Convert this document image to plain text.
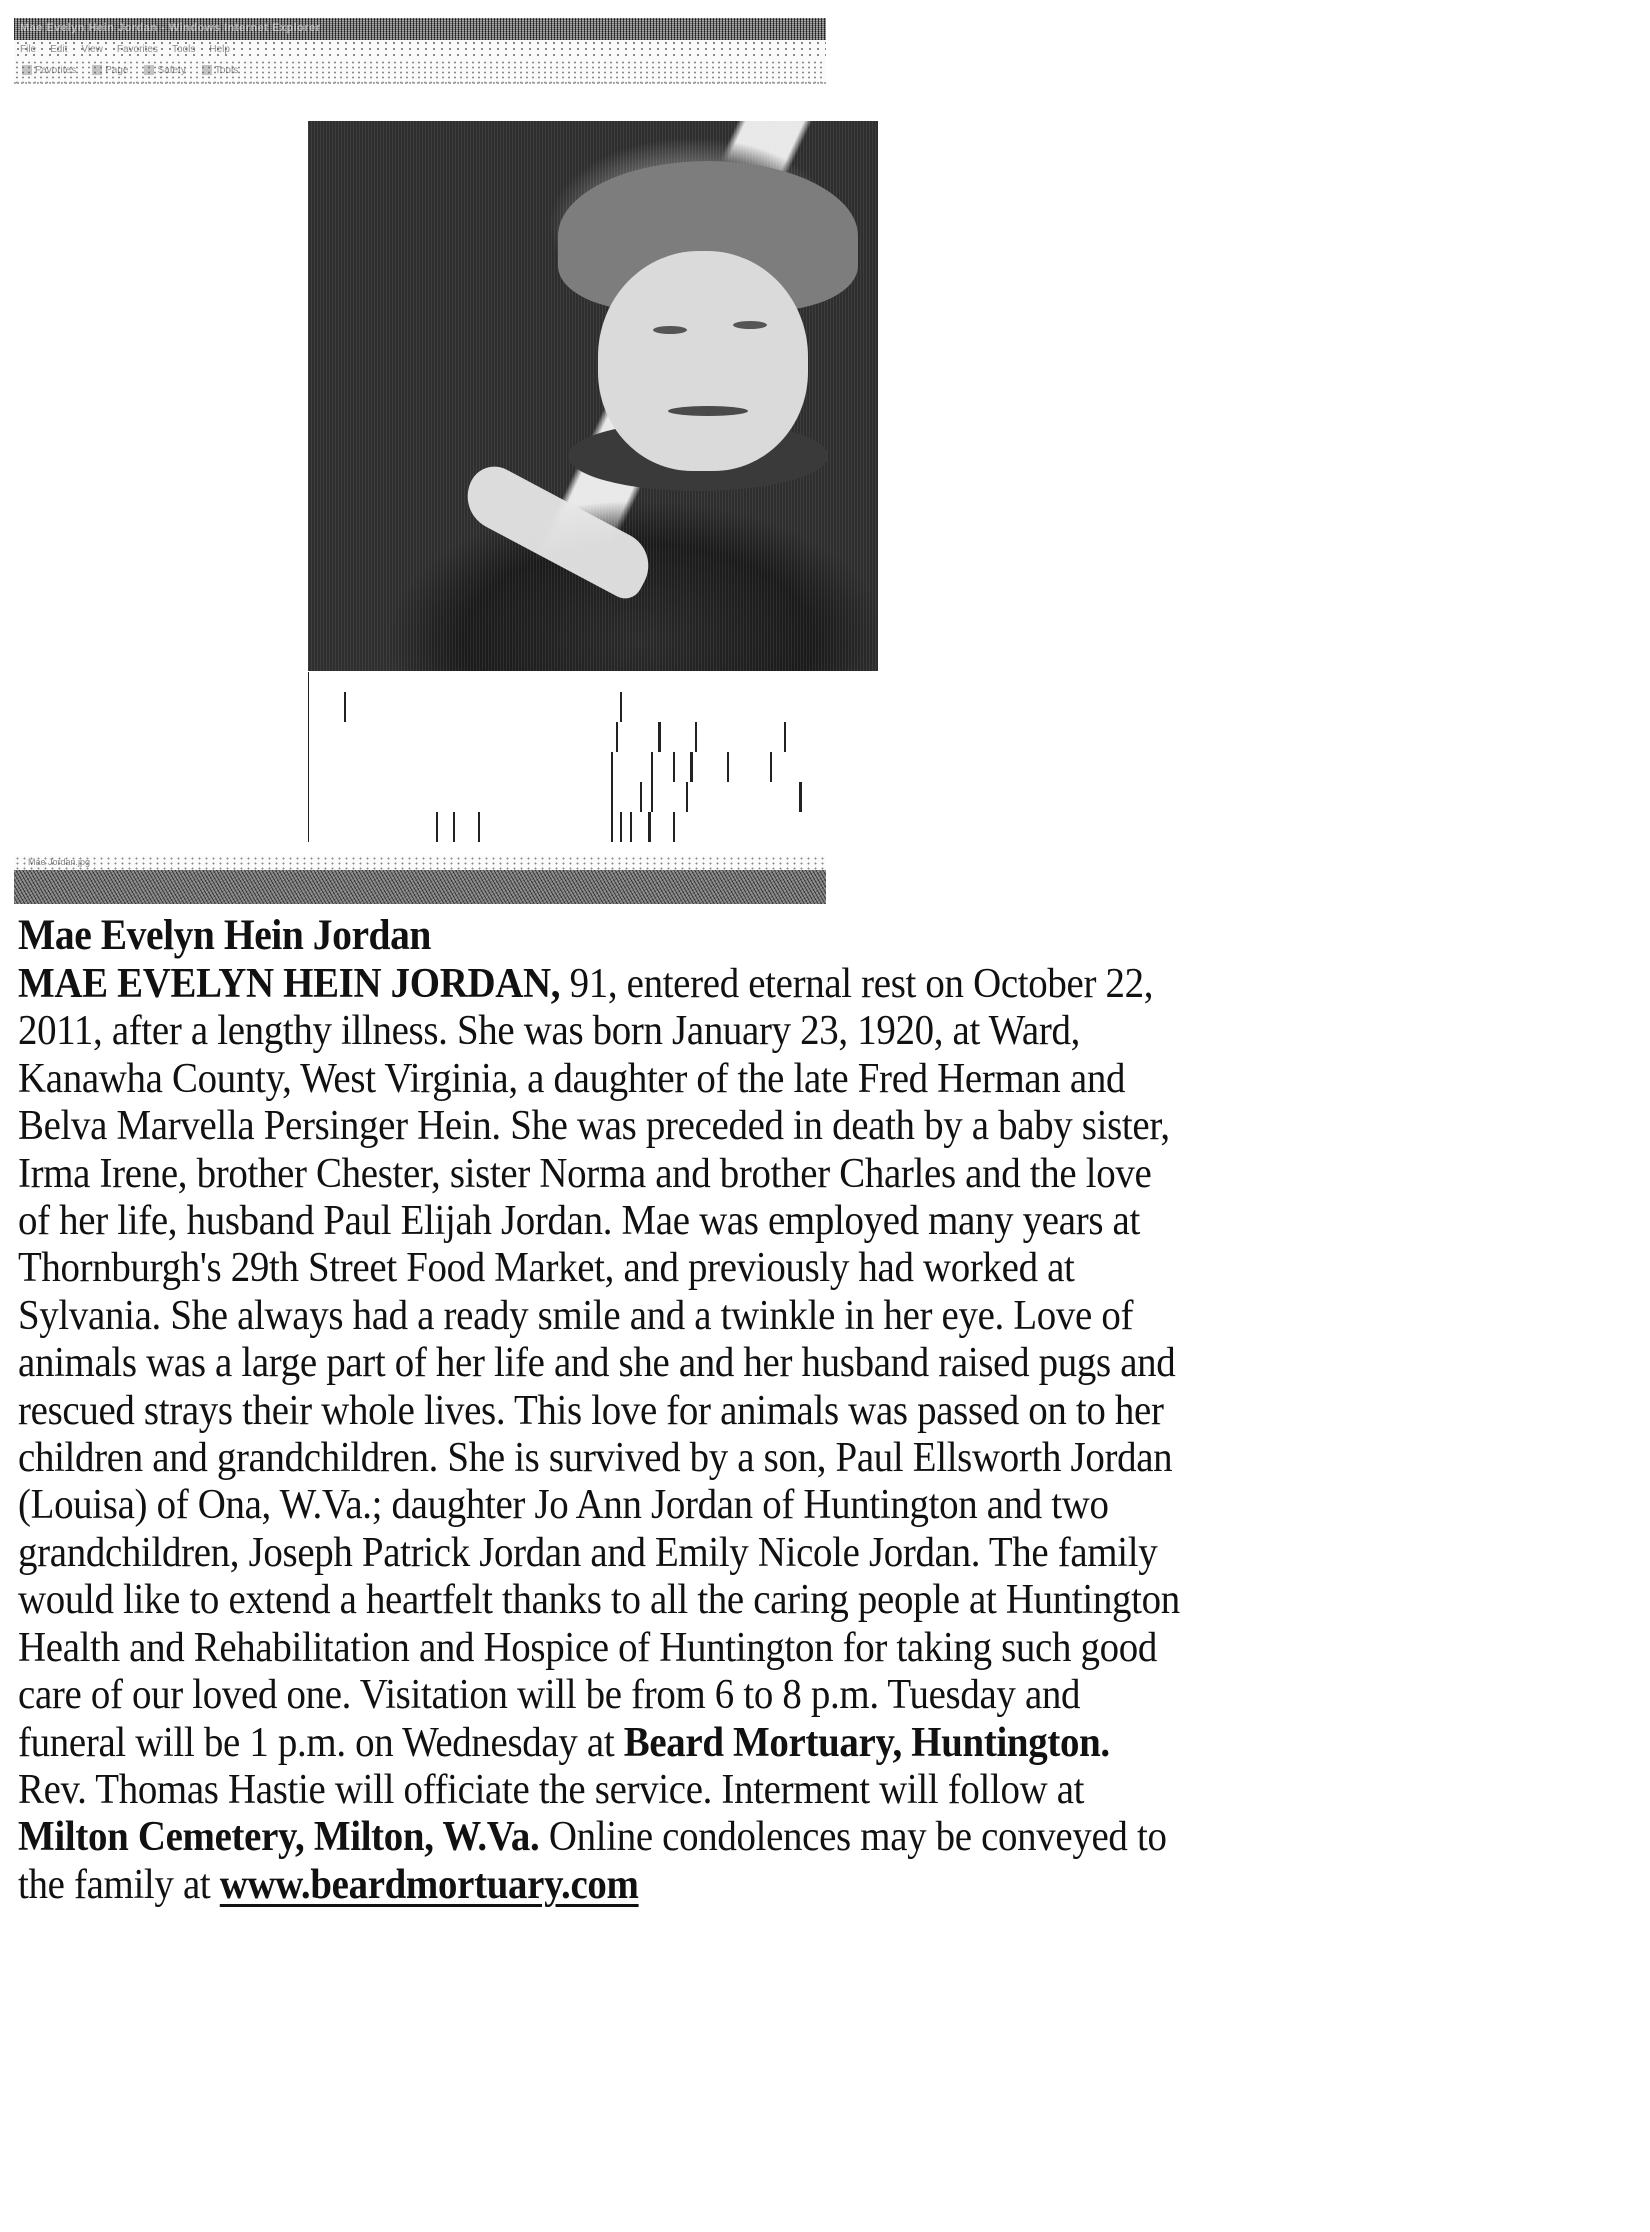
Mae Evelyn Hein Jordan - Windows Internet Explorer
File Edit View Favorites Tools Help
Favorites	Page	Safety	Tools
Mae Jordan.jpg
Mae Evelyn Hein Jordan

MAE EVELYN HEIN JORDAN, 91, entered eternal rest on October 22,
2011, after a lengthy illness. She was born January 23, 1920, at Ward,
Kanawha County, West Virginia, a daughter of the late Fred Herman and
Belva Marvella Persinger Hein. She was preceded in death by a baby sister,
Irma Irene, brother Chester, sister Norma and brother Charles and the love
of her life, husband Paul Elijah Jordan. Mae was employed many years at
Thornburgh's 29th Street Food Market, and previously had worked at
Sylvania. She always had a ready smile and a twinkle in her eye. Love of
animals was a large part of her life and she and her husband raised pugs and
rescued strays their whole lives. This love for animals was passed on to her
children and grandchildren. She is survived by a son, Paul Ellsworth Jordan
(Louisa) of Ona, W.Va.; daughter Jo Ann Jordan of Huntington and two
grandchildren, Joseph Patrick Jordan and Emily Nicole Jordan. The family
would like to extend a heartfelt thanks to all the caring people at Huntington
Health and Rehabilitation and Hospice of Huntington for taking such good
care of our loved one. Visitation will be from 6 to 8 p.m. Tuesday and
funeral will be 1 p.m. on Wednesday at Beard Mortuary, Huntington.
Rev. Thomas Hastie will officiate the service. Interment will follow at
Milton Cemetery, Milton, W.Va. Online condolences may be conveyed to
the family at www.beardmortuary.com
